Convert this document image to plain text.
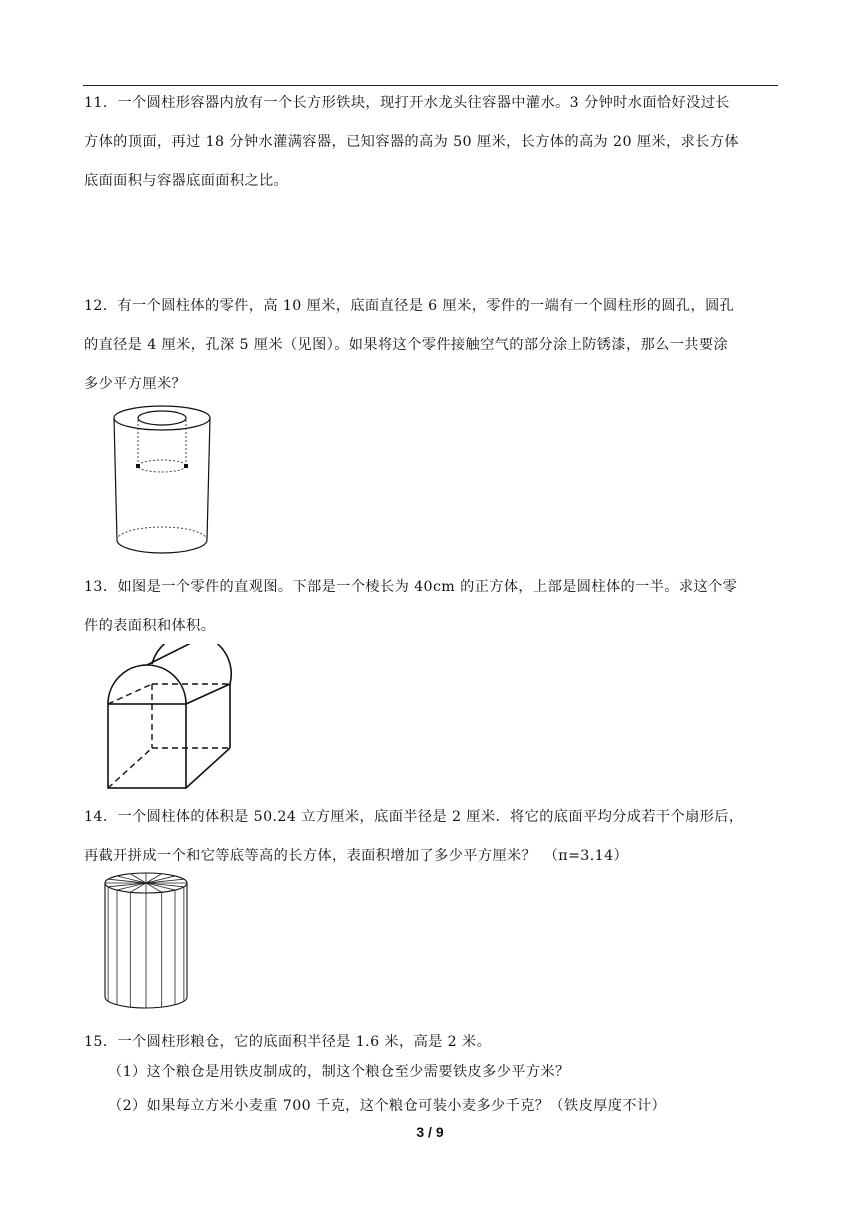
11．一个圆柱形容器内放有一个长方形铁块，现打开水龙头往容器中灌水。3 分钟时水面恰好没过长

方体的顶面，再过 18 分钟水灌满容器，已知容器的高为 50 厘米，长方体的高为 20 厘米，求长方体

底面面积与容器底面面积之比。

12．有一个圆柱体的零件，高 10 厘米，底面直径是 6 厘米，零件的一端有一个圆柱形的圆孔，圆孔

的直径是 4 厘米，孔深 5 厘米（见图）。如果将这个零件接触空气的部分涂上防锈漆，那么一共要涂

多少平方厘米？

13．如图是一个零件的直观图。下部是一个棱长为 40cm 的正方体，上部是圆柱体的一半。求这个零

件的表面积和体积。

14．一个圆柱体的体积是 50.24 立方厘米，底面半径是 2 厘米．将它的底面平均分成若干个扇形后，

再截开拼成一个和它等底等高的长方体，表面积增加了多少平方厘米？　（π=3.14）

15．一个圆柱形粮仓，它的底面积半径是 1.6 米，高是 2 米。

（1）这个粮仓是用铁皮制成的，制这个粮仓至少需要铁皮多少平方米？
（2）如果每立方米小麦重 700 千克，这个粮仓可装小麦多少千克？（铁皮厚度不计）
3 / 9
